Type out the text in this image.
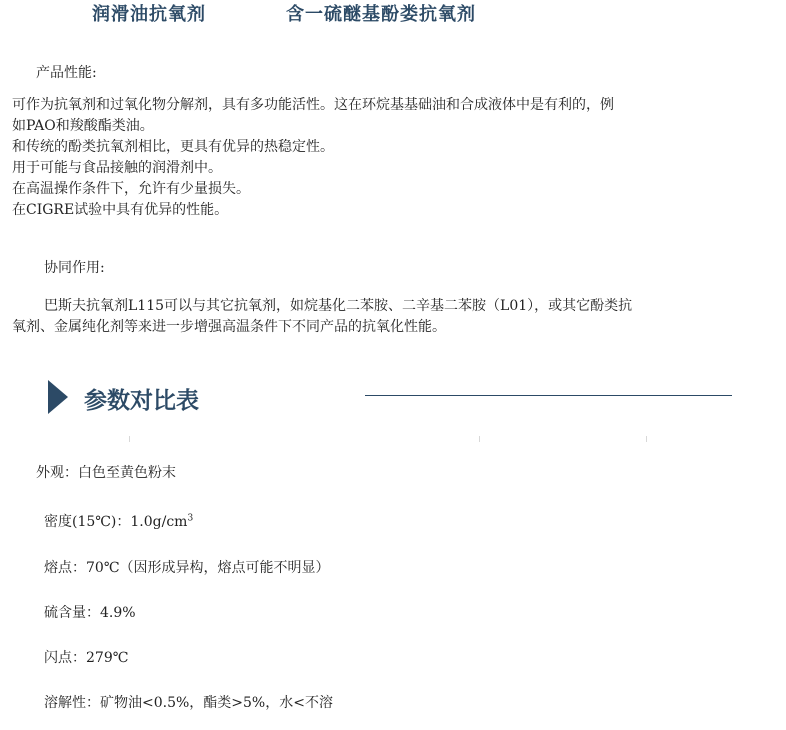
润滑油抗氧剂	含一硫醚基酚娄抗氧剂
产品性能:
可作为抗氧剂和过氧化物分解剂，具有多功能活性。这在环烷基基础油和合成液体中是有利的，例
如PAO和羧酸酯类油。
和传统的酚类抗氧剂相比，更具有优异的热稳定性。
用于可能与食品接触的润滑剂中。
在高温操作条件下，允许有少量损失。
在CIGRE试验中具有优异的性能。
协同作用:
巴斯夫抗氧剂L115可以与其它抗氧剂，如烷基化二苯胺、二辛基二苯胺（L01），或其它酚类抗
氧剂、金属纯化剂等来进一步增强高温条件下不同产品的抗氧化性能。
参数对比表
外观：白色至黄色粉末
密度(15℃)：$1.0g/cm^3$
熔点：70℃（因形成异构，熔点可能不明显）
硫含量：4.9%
闪点：279℃
溶解性：矿物油<0.5%，酯类>5%，水<不溶
